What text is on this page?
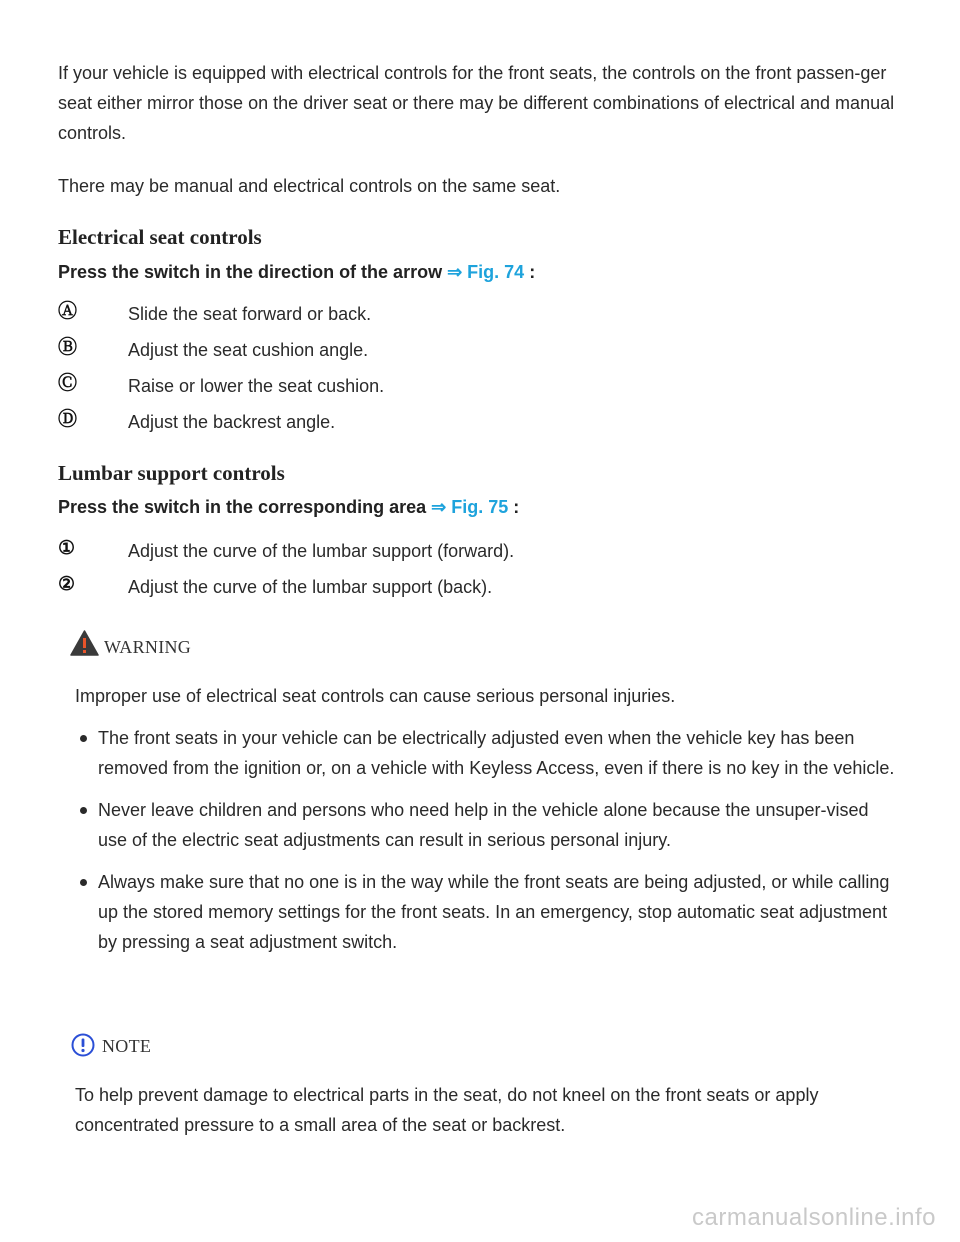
If your vehicle is equipped with electrical controls for the front seats, the controls on the front passen-ger seat either mirror those on the driver seat or there may be different combinations of electrical and manual controls.

There may be manual and electrical controls on the same seat.

Electrical seat controls

Press the switch in the direction of the arrow ⇒ Fig. 74 :

Ⓐ	Slide the seat forward or back.
Ⓑ	Adjust the seat cushion angle.
Ⓒ	Raise or lower the seat cushion.
Ⓓ	Adjust the backrest angle.
Lumbar support controls

Press the switch in the corresponding area ⇒ Fig. 75 :

①	Adjust the curve of the lumbar support (forward).
②	Adjust the curve of the lumbar support (back).
WARNING

Improper use of electrical seat controls can cause serious personal injuries.

The front seats in your vehicle can be electrically adjusted even when the vehicle key has been removed from the ignition or, on a vehicle with Keyless Access, even if there is no key in the vehicle.
Never leave children and persons who need help in the vehicle alone because the unsuper-vised use of the electric seat adjustments can result in serious personal injury.
Always make sure that no one is in the way while the front seats are being adjusted, or while calling up the stored memory settings for the front seats. In an emergency, stop automatic seat adjustment by pressing a seat adjustment switch.
NOTE

To help prevent damage to electrical parts in the seat, do not kneel on the front seats or apply concentrated pressure to a small area of the seat or backrest.

carmanualsonline.info
